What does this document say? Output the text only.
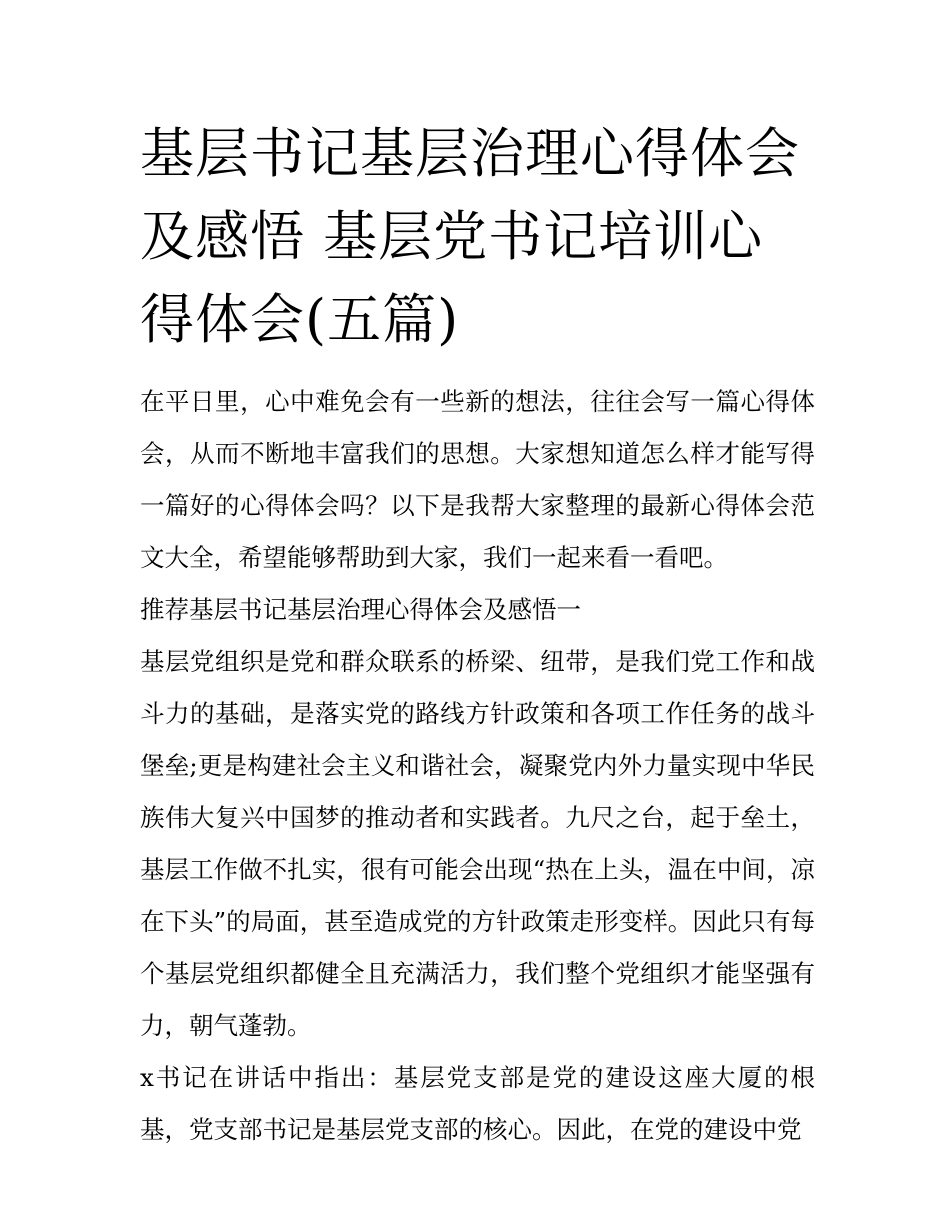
基层书记基层治理心得体会及感悟 基层党书记培训心得体会(五篇)

在平日里，心中难免会有一些新的想法，往往会写一篇心得体会，从而不断地丰富我们的思想。大家想知道怎么样才能写得一篇好的心得体会吗？以下是我帮大家整理的最新心得体会范文大全，希望能够帮助到大家，我们一起来看一看吧。

推荐基层书记基层治理心得体会及感悟一

基层党组织是党和群众联系的桥梁、纽带，是我们党工作和战斗力的基础，是落实党的路线方针政策和各项工作任务的战斗堡垒;更是构建社会主义和谐社会，凝聚党内外力量实现中华民族伟大复兴中国梦的推动者和实践者。九尺之台，起于垒土，基层工作做不扎实，很有可能会出现“热在上头，温在中间，凉在下头”的局面，甚至造成党的方针政策走形变样。因此只有每个基层党组织都健全且充满活力，我们整个党组织才能坚强有力，朝气蓬勃。

x书记在讲话中指出：基层党支部是党的建设这座大厦的根基，党支部书记是基层党支部的核心。因此，在党的建设中党
